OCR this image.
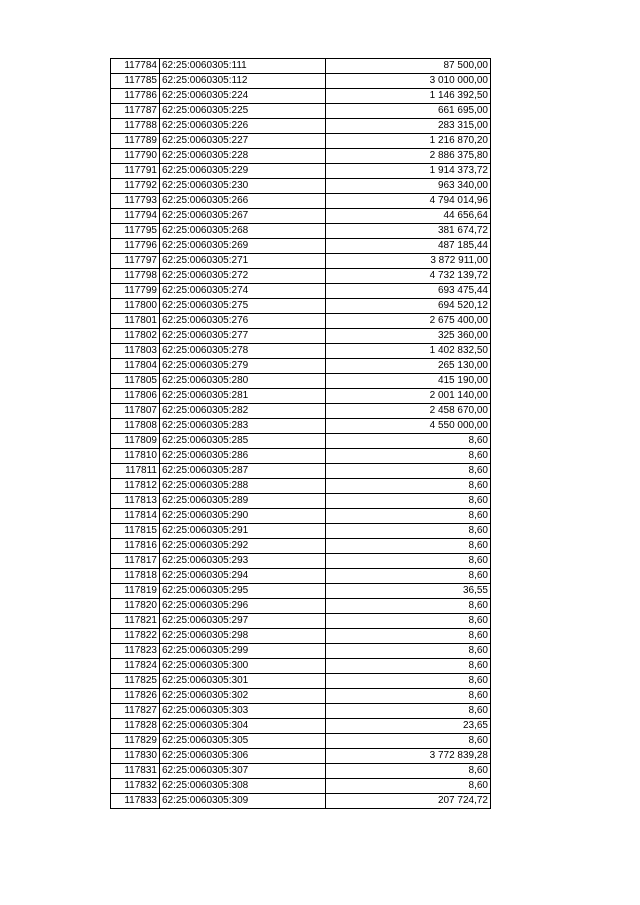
117784	62:25:0060305:111	87 500,00
117785	62:25:0060305:112	3 010 000,00
117786	62:25:0060305:224	1 146 392,50
117787	62:25:0060305:225	661 695,00
117788	62:25:0060305:226	283 315,00
117789	62:25:0060305:227	1 216 870,20
117790	62:25:0060305:228	2 886 375,80
117791	62:25:0060305:229	1 914 373,72
117792	62:25:0060305:230	963 340,00
117793	62:25:0060305:266	4 794 014,96
117794	62:25:0060305:267	44 656,64
117795	62:25:0060305:268	381 674,72
117796	62:25:0060305:269	487 185,44
117797	62:25:0060305:271	3 872 911,00
117798	62:25:0060305:272	4 732 139,72
117799	62:25:0060305:274	693 475,44
117800	62:25:0060305:275	694 520,12
117801	62:25:0060305:276	2 675 400,00
117802	62:25:0060305:277	325 360,00
117803	62:25:0060305:278	1 402 832,50
117804	62:25:0060305:279	265 130,00
117805	62:25:0060305:280	415 190,00
117806	62:25:0060305:281	2 001 140,00
117807	62:25:0060305:282	2 458 670,00
117808	62:25:0060305:283	4 550 000,00
117809	62:25:0060305:285	8,60
117810	62:25:0060305:286	8,60
117811	62:25:0060305:287	8,60
117812	62:25:0060305:288	8,60
117813	62:25:0060305:289	8,60
117814	62:25:0060305:290	8,60
117815	62:25:0060305:291	8,60
117816	62:25:0060305:292	8,60
117817	62:25:0060305:293	8,60
117818	62:25:0060305:294	8,60
117819	62:25:0060305:295	36,55
117820	62:25:0060305:296	8,60
117821	62:25:0060305:297	8,60
117822	62:25:0060305:298	8,60
117823	62:25:0060305:299	8,60
117824	62:25:0060305:300	8,60
117825	62:25:0060305:301	8,60
117826	62:25:0060305:302	8,60
117827	62:25:0060305:303	8,60
117828	62:25:0060305:304	23,65
117829	62:25:0060305:305	8,60
117830	62:25:0060305:306	3 772 839,28
117831	62:25:0060305:307	8,60
117832	62:25:0060305:308	8,60
117833	62:25:0060305:309	207 724,72
